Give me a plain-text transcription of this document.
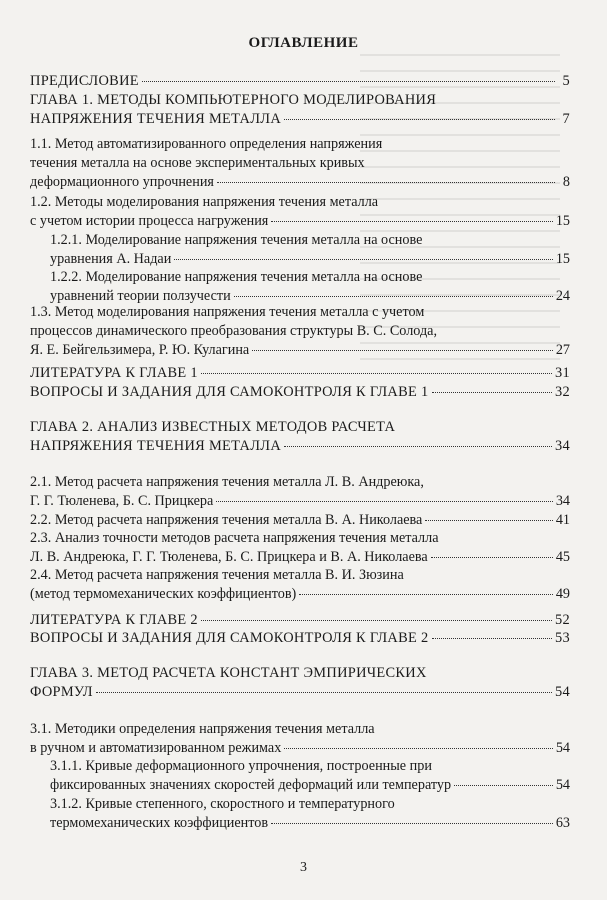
ОГЛАВЛЕНИЕ
ПРЕДИСЛОВИЕ	5
ГЛАВА 1. МЕТОДЫ КОМПЬЮТЕРНОГО МОДЕЛИРОВАНИЯ
НАПРЯЖЕНИЯ ТЕЧЕНИЯ МЕТАЛЛА	7
1.1. Метод автоматизированного определения напряжения
течения металла на основе экспериментальных кривых
деформационного упрочнения	8
1.2. Методы моделирования напряжения течения металла
с учетом истории процесса нагружения	15
1.2.1. Моделирование напряжения течения металла на основе
уравнения А. Надаи	15
1.2.2. Моделирование напряжения течения металла на основе
уравнений теории ползучести	24
1.3. Метод моделирования напряжения течения металла с учетом
процессов динамического преобразования структуры В. С. Солода,
Я. Е. Бейгельзимера, Р. Ю. Кулагина	27
ЛИТЕРАТУРА К ГЛАВЕ 1	31
ВОПРОСЫ И ЗАДАНИЯ ДЛЯ САМОКОНТРОЛЯ К ГЛАВЕ 1	32
ГЛАВА 2. АНАЛИЗ ИЗВЕСТНЫХ МЕТОДОВ РАСЧЕТА
НАПРЯЖЕНИЯ ТЕЧЕНИЯ МЕТАЛЛА	34
2.1. Метод расчета напряжения течения металла Л. В. Андреюка,
Г. Г. Тюленева, Б. С. Прицкера	34
2.2. Метод расчета напряжения течения металла В. А. Николаева	41
2.3. Анализ точности методов расчета напряжения течения металла
Л. В. Андреюка, Г. Г. Тюленева, Б. С. Прицкера и В. А. Николаева	45
2.4. Метод расчета напряжения течения металла В. И. Зюзина
(метод термомеханических коэффициентов)	49
ЛИТЕРАТУРА К ГЛАВЕ 2	52
ВОПРОСЫ И ЗАДАНИЯ ДЛЯ САМОКОНТРОЛЯ К ГЛАВЕ 2	53
ГЛАВА 3. МЕТОД РАСЧЕТА КОНСТАНТ ЭМПИРИЧЕСКИХ
ФОРМУЛ	54
3.1. Методики определения напряжения течения металла
в ручном и автоматизированном режимах	54
3.1.1. Кривые деформационного упрочнения, построенные при
фиксированных значениях скоростей деформаций или температур	54
3.1.2. Кривые степенного, скоростного и температурного
термомеханических коэффициентов	63
3
